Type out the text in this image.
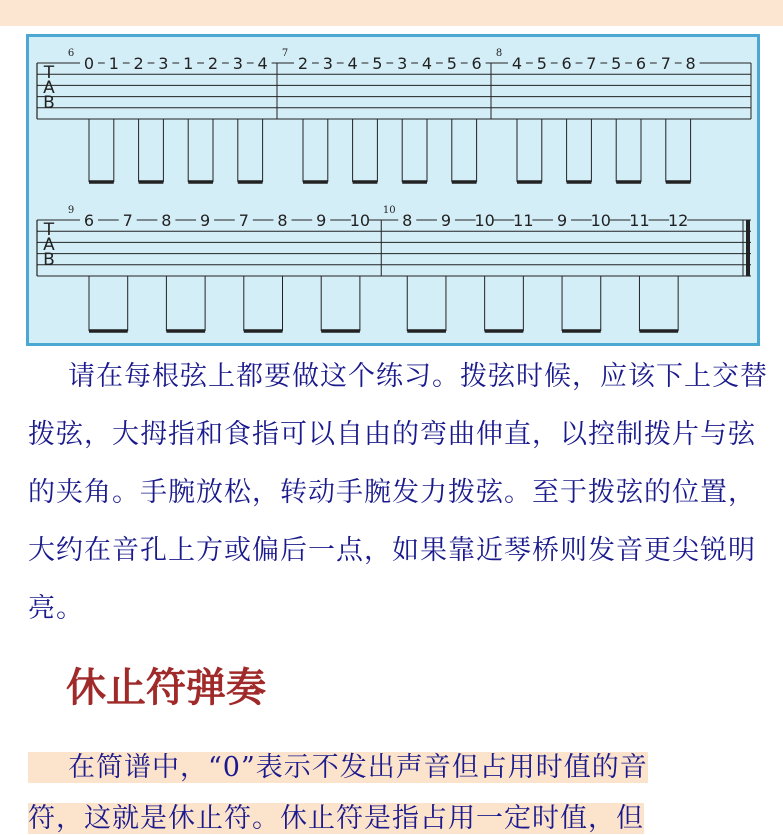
T
A
B
6
0 1 2 3 1 2 3 4
7
2 3 4 5 3 4 5 6
8
4 5 6 7 5 6 7 8
T
A
B
9
6 7 8 9 7 8 9 10
10
8 9 10 11 9 10 11 12

请在每根弦上都要做这个练习。拨弦时候，应该下上交替拨弦，大拇指和食指可以自由的弯曲伸直，以控制拨片与弦的夹角。手腕放松，转动手腕发力拨弦。至于拨弦的位置，大约在音孔上方或偏后一点，如果靠近琴桥则发音更尖锐明亮。

休止符弹奏
在简谱中，“0”表示不发出声音但占用时值的音
符，这就是休止符。休止符是指占用一定时值，但
